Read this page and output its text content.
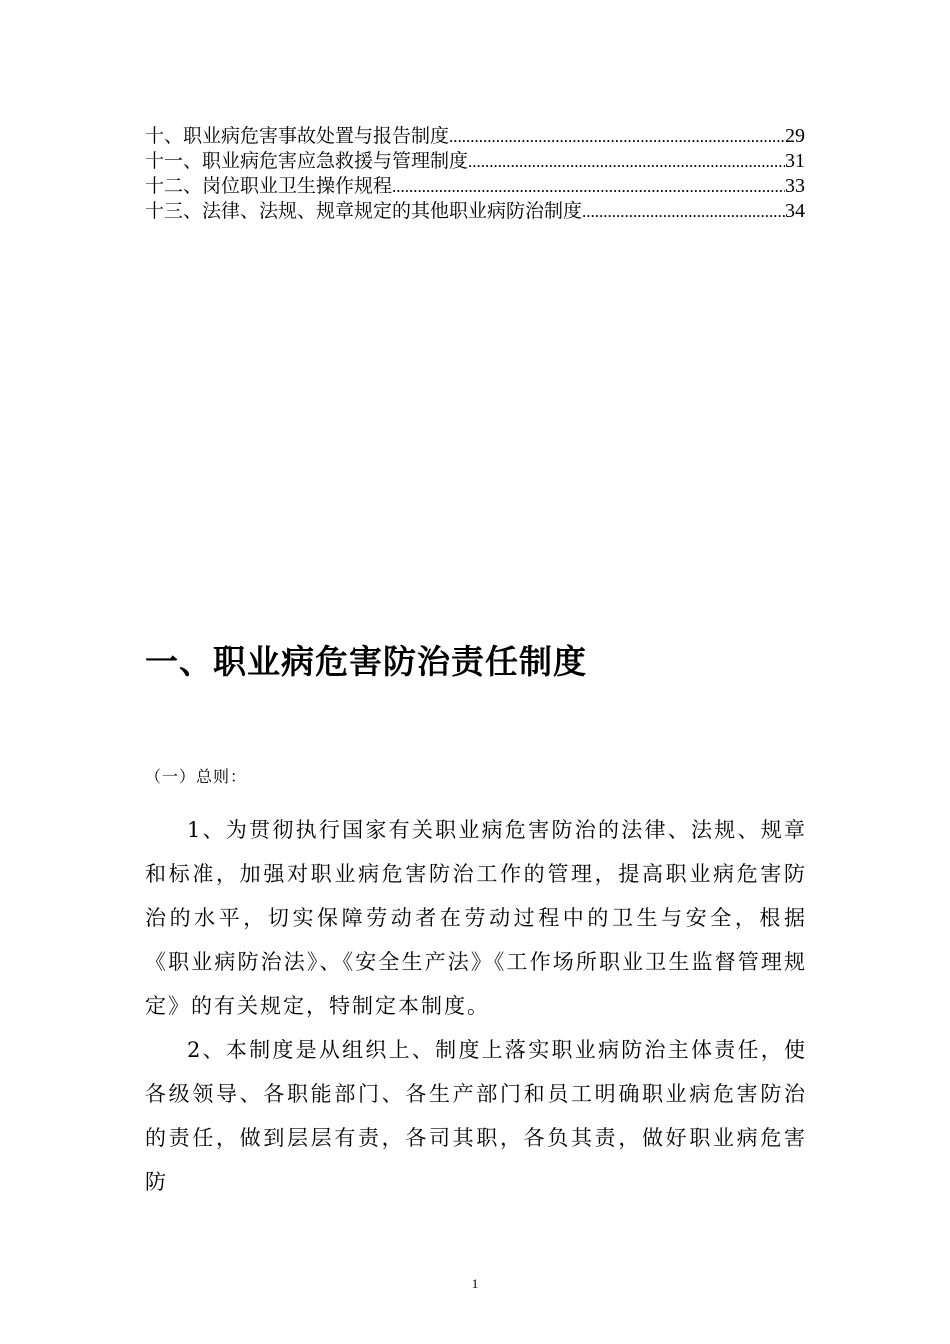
十、职业病危害事故处置与报告制度 .....	29
十一、职业病危害应急救援与管理制度 .....	31
十二、岗位职业卫生操作规程 .....	33
十三、法律、法规、规章规定的其他职业病防治制度 .....	34
一、职业病危害防治责任制度
（一）总则：

1、为贯彻执行国家有关职业病危害防治的法律、法规、规章和标准，加强对职业病危害防治工作的管理，提高职业病危害防治的水平，切实保障劳动者在劳动过程中的卫生与安全，根据《职业病防治法》、《安全生产法》《工作场所职业卫生监督管理规定》的有关规定，特制定本制度。

2、本制度是从组织上、制度上落实职业病防治主体责任，使各级领导、各职能部门、各生产部门和员工明确职业病危害防治的责任，做到层层有责，各司其职，各负其责，做好职业病危害防

1
